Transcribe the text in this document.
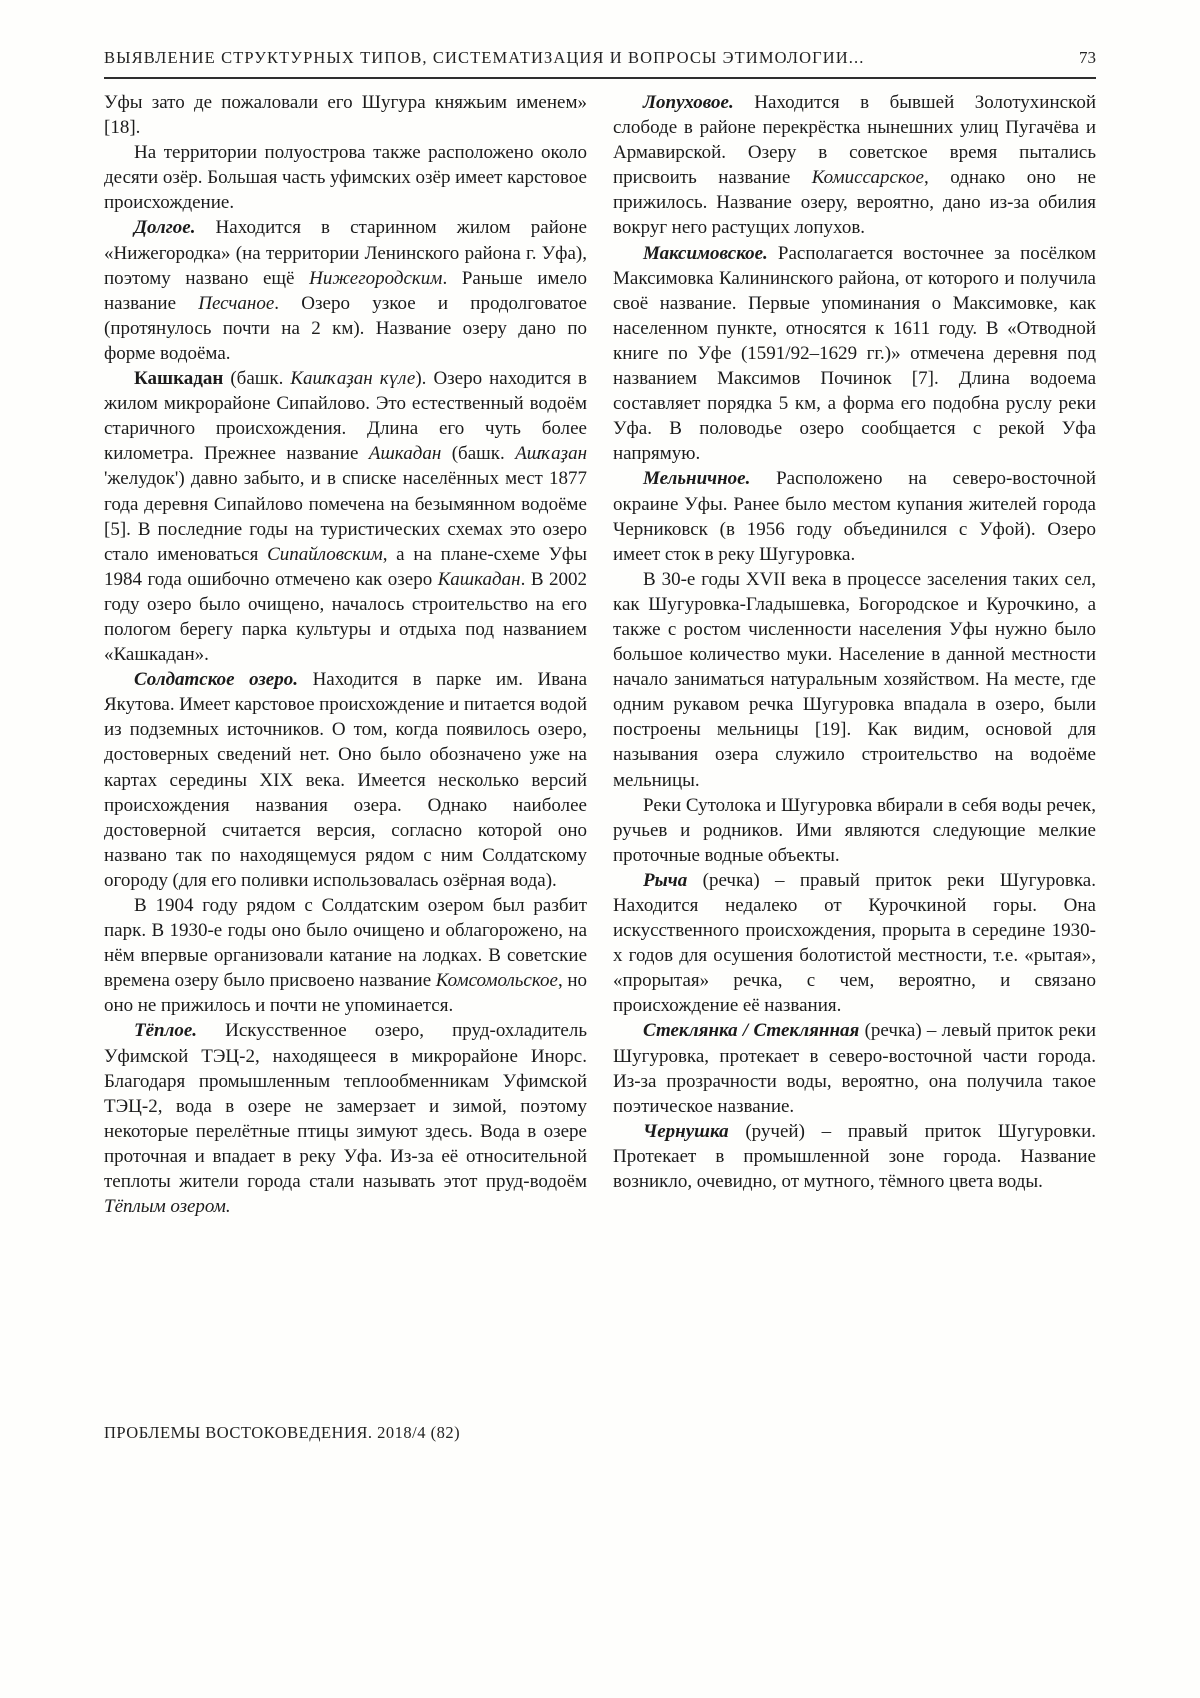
ВЫЯВЛЕНИЕ СТРУКТУРНЫХ ТИПОВ, СИСТЕМАТИЗАЦИЯ И ВОПРОСЫ ЭТИМОЛОГИИ...	73

Уфы зато де пожаловали его Шугура княжьим именем» [18].

На территории полуострова также расположено около десяти озёр. Большая часть уфимских озёр имеет карстовое происхождение.

Долгое. Находится в старинном жилом районе «Нижегородка» (на территории Ленинского района г. Уфа), поэтому названо ещё Нижегородским. Раньше имело название Песчаное. Озеро узкое и продолговатое (протянулось почти на 2 км). Название озеру дано по форме водоёма.

Кашкадан (башк. Кашҡаҙан күле). Озеро находится в жилом микрорайоне Сипайлово. Это естественный водоём старичного происхождения. Длина его чуть более километра. Прежнее название Ашкадан (башк. Ашҡаҙан 'желудок') давно забыто, и в списке населённых мест 1877 года деревня Сипайлово помечена на безымянном водоёме [5]. В последние годы на туристических схемах это озеро стало именоваться Сипайловским, а на плане-схеме Уфы 1984 года ошибочно отмечено как озеро Кашкадан. В 2002 году озеро было очищено, началось строительство на его пологом берегу парка культуры и отдыха под названием «Кашкадан».

Солдатское озеро. Находится в парке им. Ивана Якутова. Имеет карстовое происхождение и питается водой из подземных источников. О том, когда появилось озеро, достоверных сведений нет. Оно было обозначено уже на картах середины XIX века. Имеется несколько версий происхождения названия озера. Однако наиболее достоверной считается версия, согласно которой оно названо так по находящемуся рядом с ним Солдатскому огороду (для его поливки использовалась озёрная вода).

В 1904 году рядом с Солдатским озером был разбит парк. В 1930-е годы оно было очищено и облагорожено, на нём впервые организовали катание на лодках. В советские времена озеру было присвоено название Комсомольское, но оно не прижилось и почти не упоминается.

Тёплое. Искусственное озеро, пруд-охладитель Уфимской ТЭЦ-2, находящееся в микрорайоне Инорс. Благодаря промышленным теплообменникам Уфимской ТЭЦ-2, вода в озере не замерзает и зимой, поэтому некоторые перелётные птицы зимуют здесь. Вода в озере проточная и впадает в реку Уфа. Из-за её относительной теплоты жители города стали называть этот пруд-водоём Тёплым озером.

Лопуховое. Находится в бывшей Золотухинской слободе в районе перекрёстка нынешних улиц Пугачёва и Армавирской. Озеру в советское время пытались присвоить название Комиссарское, однако оно не прижилось. Название озеру, вероятно, дано из-за обилия вокруг него растущих лопухов.

Максимовское. Располагается восточнее за посёлком Максимовка Калининского района, от которого и получила своё название. Первые упоминания о Максимовке, как населенном пункте, относятся к 1611 году. В «Отводной книге по Уфе (1591/92–1629 гг.)» отмечена деревня под названием Максимов Починок [7]. Длина водоема составляет порядка 5 км, а форма его подобна руслу реки Уфа. В половодье озеро сообщается с рекой Уфа напрямую.

Мельничное. Расположено на северо-восточной окраине Уфы. Ранее было местом купания жителей города Черниковск (в 1956 году объединился с Уфой). Озеро имеет сток в реку Шугуровка.

В 30-е годы XVII века в процессе заселения таких сел, как Шугуровка-Гладышевка, Богородское и Курочкино, а также с ростом численности населения Уфы нужно было большое количество муки. Население в данной местности начало заниматься натуральным хозяйством. На месте, где одним рукавом речка Шугуровка впадала в озеро, были построены мельницы [19]. Как видим, основой для называния озера служило строительство на водоёме мельницы.

Реки Сутолока и Шугуровка вбирали в себя воды речек, ручьев и родников. Ими являются следующие мелкие проточные водные объекты.

Рыча (речка) – правый приток реки Шугуровка. Находится недалеко от Курочкиной горы. Она искусственного происхождения, прорыта в середине 1930-х годов для осушения болотистой местности, т.е. «рытая», «прорытая» речка, с чем, вероятно, и связано происхождение её названия.

Стеклянка / Стеклянная (речка) – левый приток реки Шугуровка, протекает в северо-восточной части города. Из-за прозрачности воды, вероятно, она получила такое поэтическое название.

Чернушка (ручей) – правый приток Шугуровки. Протекает в промышленной зоне города. Название возникло, очевидно, от мутного, тёмного цвета воды.

ПРОБЛЕМЫ ВОСТОКОВЕДЕНИЯ. 2018/4 (82)
